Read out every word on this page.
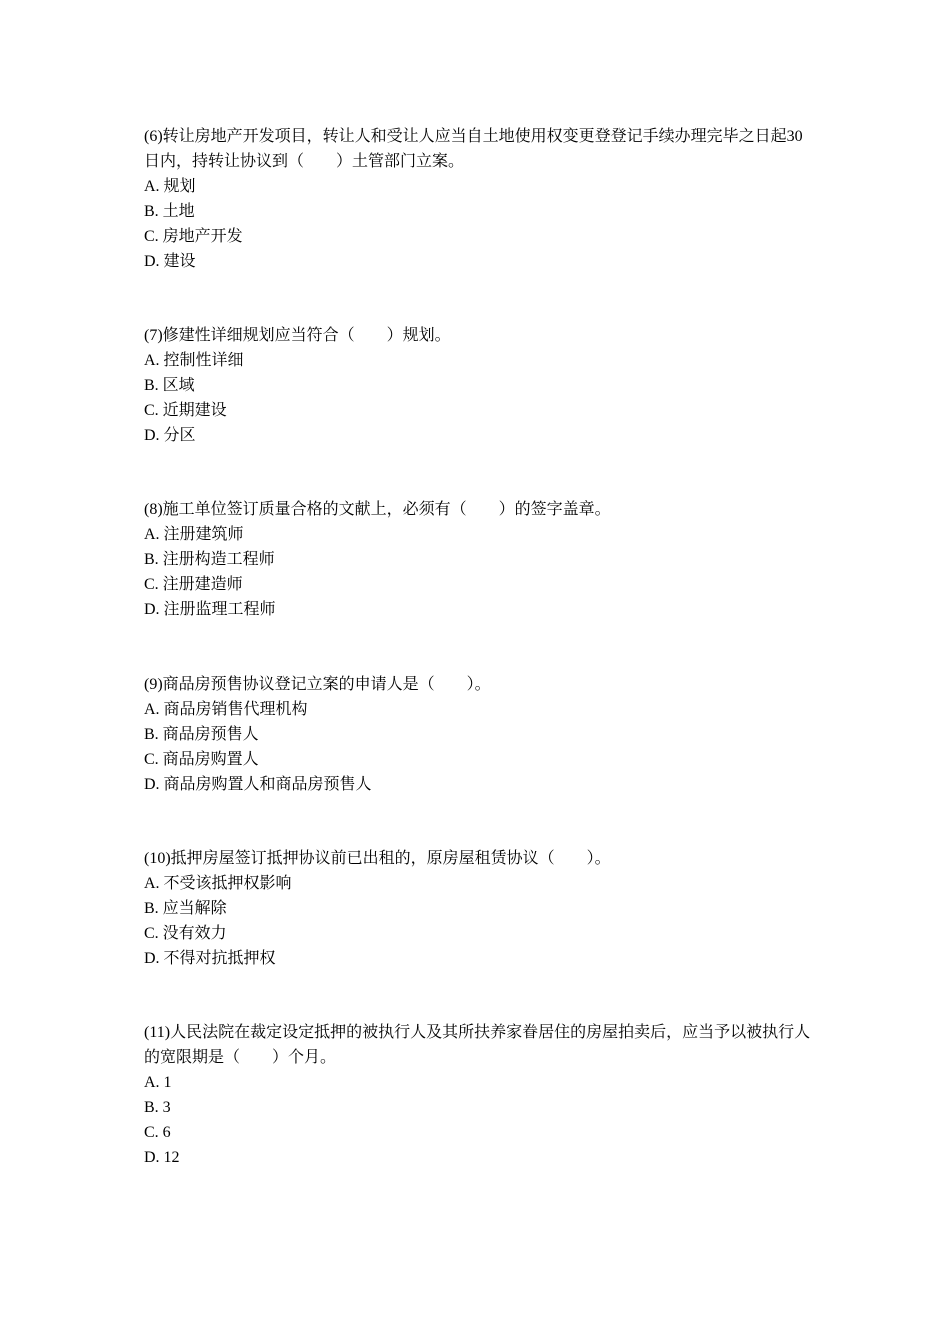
(6)转让房地产开发项目，转让人和受让人应当自土地使用权变更登登记手续办理完毕之日起30日内，持转让协议到（　　）土管部门立案。

A. 规划
B. 土地
C. 房地产开发
D. 建设

(7)修建性详细规划应当符合（　　）规划。

A. 控制性详细
B. 区域
C. 近期建设
D. 分区

(8)施工单位签订质量合格的文献上，必须有（　　）的签字盖章。

A. 注册建筑师
B. 注册构造工程师
C. 注册建造师
D. 注册监理工程师

(9)商品房预售协议登记立案的申请人是（　　）。

A. 商品房销售代理机构
B. 商品房预售人
C. 商品房购置人
D. 商品房购置人和商品房预售人

(10)抵押房屋签订抵押协议前已出租的，原房屋租赁协议（　　）。

A. 不受该抵押权影响
B. 应当解除
C. 没有效力
D. 不得对抗抵押权

(11)人民法院在裁定设定抵押的被执行人及其所扶养家眷居住的房屋拍卖后，应当予以被执行人的宽限期是（　　）个月。

A. 1
B. 3
C. 6
D. 12
